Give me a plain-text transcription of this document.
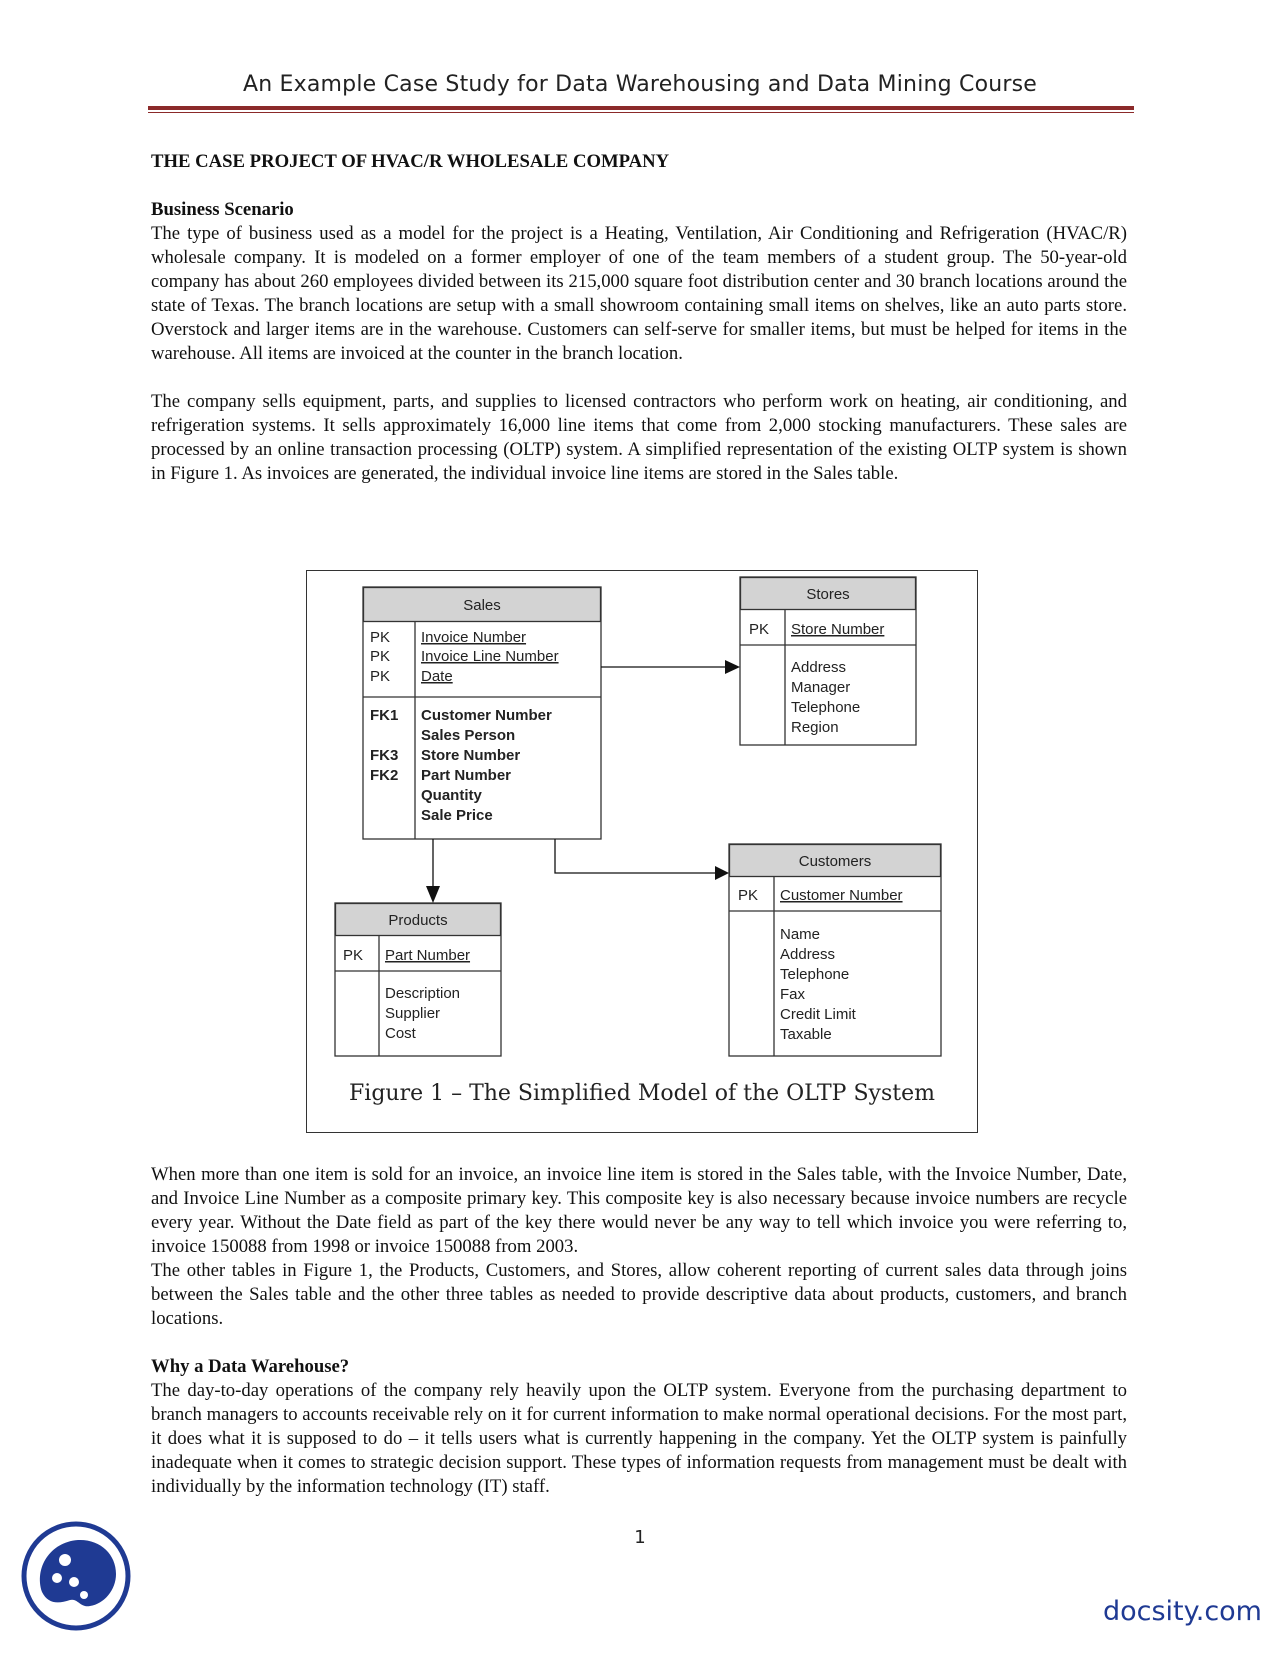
An Example Case Study for Data Warehousing and Data Mining Course

THE CASE PROJECT OF HVAC/R WHOLESALE COMPANY

Business Scenario

The type of business used as a model for the project is a Heating, Ventilation, Air Conditioning and Refrigeration (HVAC/R) wholesale company. It is modeled on a former employer of one of the team members of a student group. The 50-year-old company has about 260 employees divided between its 215,000 square foot distribution center and 30 branch locations around the state of Texas. The branch locations are setup with a small showroom containing small items on shelves, like an auto parts store. Overstock and larger items are in the warehouse. Customers can self-serve for smaller items, but must be helped for items in the warehouse. All items are invoiced at the counter in the branch location.

The company sells equipment, parts, and supplies to licensed contractors who perform work on heating, air conditioning, and refrigeration systems. It sells approximately 16,000 line items that come from 2,000 stocking manufacturers. These sales are processed by an online transaction processing (OLTP) system. A simplified representation of the existing OLTP system is shown in Figure 1. As invoices are generated, the individual invoice line items are stored in the Sales table.

Sales
PK
PK
PK
Invoice Number
Invoice Line Number
Date
FK1
FK3
FK2
Customer Number
Sales Person
Store Number
Part Number
Quantity
Sale Price
Stores
PK Store Number
Address
Manager
Telephone
Region
Customers
PK Customer Number
Name
Address
Telephone
Fax
Credit Limit
Taxable
Products
PK Part Number
Description
Supplier
Cost
Figure 1 – The Simplified Model of the OLTP System

When more than one item is sold for an invoice, an invoice line item is stored in the Sales table, with the Invoice Number, Date, and Invoice Line Number as a composite primary key. This composite key is also necessary because invoice numbers are recycle every year. Without the Date field as part of the key there would never be any way to tell which invoice you were referring to, invoice 150088 from 1998 or invoice 150088 from 2003.

The other tables in Figure 1, the Products, Customers, and Stores, allow coherent reporting of current sales data through joins between the Sales table and the other three tables as needed to provide descriptive data about products, customers, and branch locations.

Why a Data Warehouse?

The day-to-day operations of the company rely heavily upon the OLTP system. Everyone from the purchasing department to branch managers to accounts receivable rely on it for current information to make normal operational decisions. For the most part, it does what it is supposed to do – it tells users what is currently happening in the company. Yet the OLTP system is painfully inadequate when it comes to strategic decision support. These types of information requests from management must be dealt with individually by the information technology (IT) staff.

1
docsity.com
